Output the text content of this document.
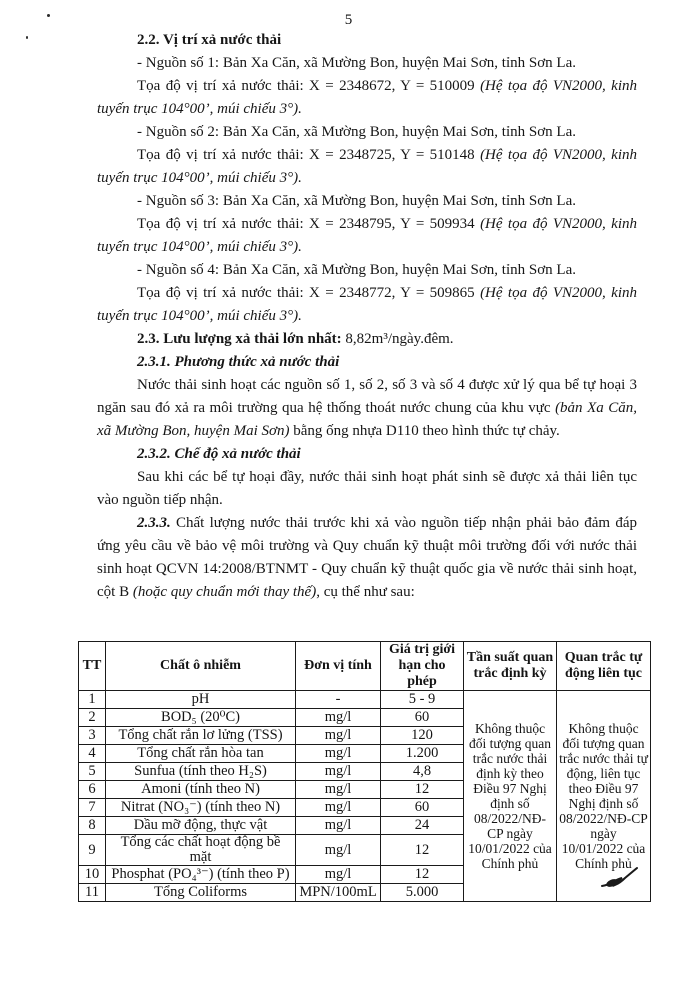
5
2.2. Vị trí xả nước thải

- Nguồn số 1: Bản Xa Căn, xã Mường Bon, huyện Mai Sơn, tỉnh Sơn La.

Tọa độ vị trí xả nước thải: X = 2348672, Y = 510009 (Hệ tọa độ VN2000, kinh tuyến trục 104°00’, múi chiếu 3°).

- Nguồn số 2: Bản Xa Căn, xã Mường Bon, huyện Mai Sơn, tỉnh Sơn La.

Tọa độ vị trí xả nước thải: X = 2348725, Y = 510148 (Hệ tọa độ VN2000, kinh tuyến trục 104°00’, múi chiếu 3°).

- Nguồn số 3: Bản Xa Căn, xã Mường Bon, huyện Mai Sơn, tỉnh Sơn La.

Tọa độ vị trí xả nước thải: X = 2348795, Y = 509934 (Hệ tọa độ VN2000, kinh tuyến trục 104°00’, múi chiếu 3°).

- Nguồn số 4: Bản Xa Căn, xã Mường Bon, huyện Mai Sơn, tỉnh Sơn La.

Tọa độ vị trí xả nước thải: X = 2348772, Y = 509865 (Hệ tọa độ VN2000, kinh tuyến trục 104°00’, múi chiếu 3°).

2.3. Lưu lượng xả thải lớn nhất: 8,82m³/ngày.đêm.

2.3.1. Phương thức xả nước thải

Nước thải sinh hoạt các nguồn số 1, số 2, số 3 và số 4 được xử lý qua bể tự hoại 3 ngăn sau đó xả ra môi trường qua hệ thống thoát nước chung của khu vực (bản Xa Căn, xã Mường Bon, huyện Mai Sơn) bằng ống nhựa D110 theo hình thức tự chảy.

2.3.2. Chế độ xả nước thải

Sau khi các bể tự hoại đầy, nước thải sinh hoạt phát sinh sẽ được xả thải liên tục vào nguồn tiếp nhận.

2.3.3. Chất lượng nước thải trước khi xả vào nguồn tiếp nhận phải bảo đảm đáp ứng yêu cầu về bảo vệ môi trường và Quy chuẩn kỹ thuật môi trường đối với nước thải sinh hoạt QCVN 14:2008/BTNMT - Quy chuẩn kỹ thuật quốc gia về nước thải sinh hoạt, cột B (hoặc quy chuẩn mới thay thế), cụ thể như sau:

TT	Chất ô nhiễm	Đơn vị tính	Giá trị giới hạn cho phép	Tần suất quan trắc định kỳ	Quan trắc tự động liên tục
1	pH	-	5 - 9	Không thuộc đối tượng quan trắc nước thải định kỳ theo Điều 97 Nghị định số 08/2022/NĐ-CP ngày 10/01/2022 của Chính phủ	Không thuộc đối tượng quan trắc nước thải tự động, liên tục theo Điều 97 Nghị định số 08/2022/NĐ-CP ngày 10/01/2022 của Chính phủ
2	BOD₅ (20⁰C)	mg/l	60		
3	Tổng chất rắn lơ lửng (TSS)	mg/l	120		
4	Tổng chất rắn hòa tan	mg/l	1.200		
5	Sunfua (tính theo H₂S)	mg/l	4,8		
6	Amoni (tính theo N)	mg/l	12		
7	Nitrat (NO₃⁻) (tính theo N)	mg/l	60		
8	Dầu mỡ động, thực vật	mg/l	24		
9	Tổng các chất hoạt động bề mặt	mg/l	12		
10	Phosphat (PO₄³⁻) (tính theo P)	mg/l	12		
11	Tổng Coliforms	MPN/100mL	5.000		
